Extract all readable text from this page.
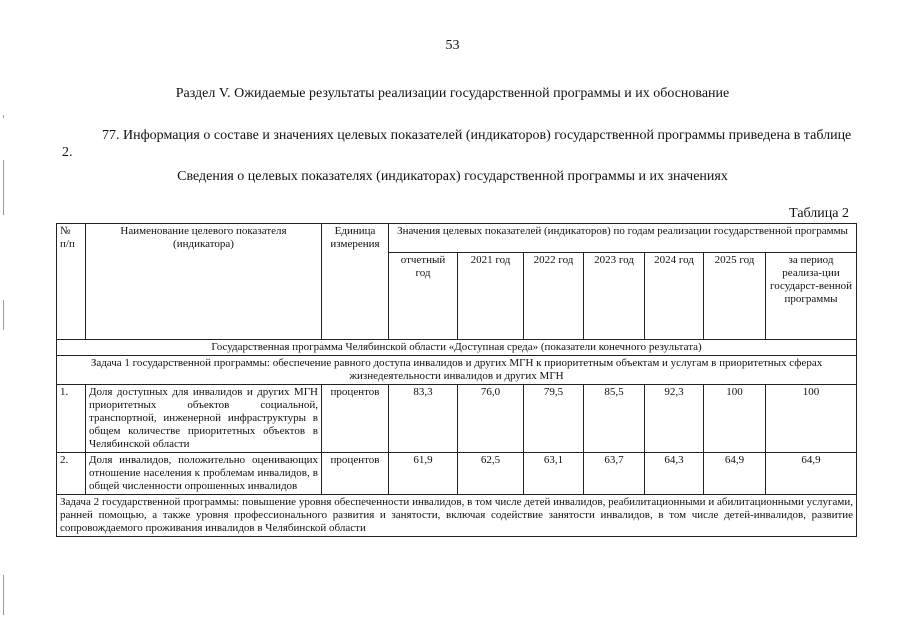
53
Раздел V. Ожидаемые результаты реализации государственной программы и их обоснование
77. Информация о составе и значениях целевых показателей (индикаторов) государственной программы приведена в таблице 2.
Сведения о целевых показателях (индикаторах) государственной программы и их значениях
Таблица 2
№ п/п	Наименование целевого показателя (индикатора)	Единица измерения	Значения целевых показателей (индикаторов) по годам реализации государственной программы						
			отчетный год	2021 год	2022 год	2023 год	2024 год	2025 год	за период реализа-ции государст-венной программы
Государственная программа Челябинской области «Доступная среда» (показатели конечного результата)									
Задача 1 государственной программы: обеспечение равного доступа инвалидов и других МГН к приоритетным объектам и услугам в приоритетных сферах жизнедеятельности инвалидов и других МГН									
1.	Доля доступных для инвалидов и других МГН приоритетных объектов социальной, транспортной, инженерной инфраструктуры в общем количестве приоритетных объектов в Челябинской области	процентов	83,3	76,0	79,5	85,5	92,3	100	100
2.	Доля инвалидов, положительно оценивающих отношение населения к проблемам инвалидов, в общей численности опрошенных инвалидов	процентов	61,9	62,5	63,1	63,7	64,3	64,9	64,9
Задача 2 государственной программы: повышение уровня обеспеченности инвалидов, в том числе детей инвалидов, реабилитационными и абилитационными услугами, ранней помощью, а также уровня профессионального развития и занятости, включая содействие занятости инвалидов, в том числе детей-инвалидов, развитие сопровождаемого проживания инвалидов в Челябинской области									
